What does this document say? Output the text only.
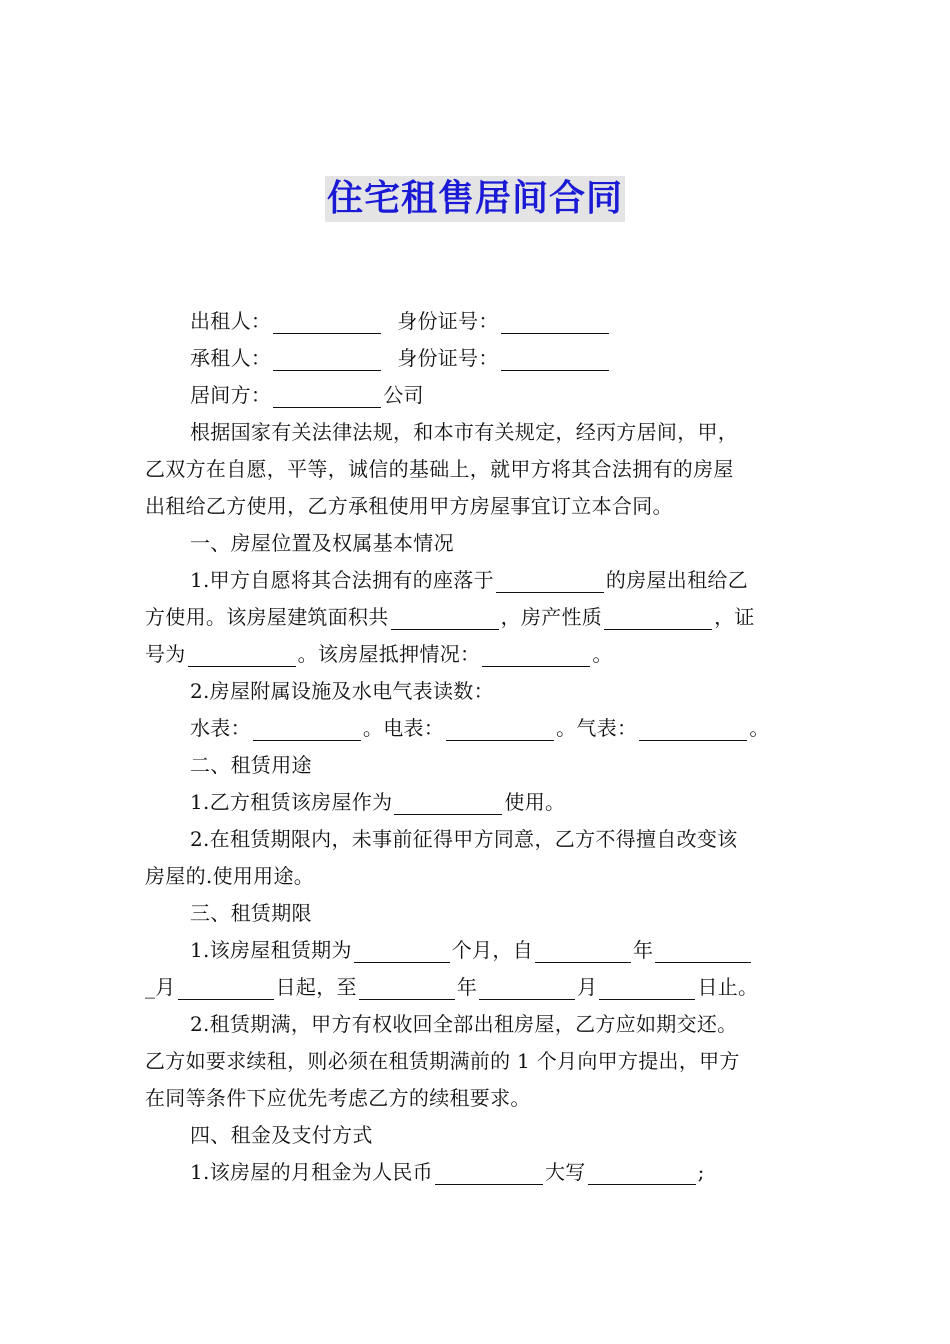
住宅租售居间合同
出租人：	身份证号：
承租人：	身份证号：
居间方：	公司
根据国家有关法律法规，和本市有关规定，经丙方居间，甲，
乙双方在自愿，平等，诚信的基础上，就甲方将其合法拥有的房屋
出租给乙方使用，乙方承租使用甲方房屋事宜订立本合同。
一、房屋位置及权属基本情况
1.甲方自愿将其合法拥有的座落于	的房屋出租给乙
方使用。该房屋建筑面积共	，房产性质	，证
号为	。该房屋抵押情况：	。
2.房屋附属设施及水电气表读数：
水表：	。电表：	。气表：	。
二、租赁用途
1.乙方租赁该房屋作为	使用。
2.在租赁期限内，未事前征得甲方同意，乙方不得擅自改变该
房屋的.使用用途。
三、租赁期限
1.该房屋租赁期为	个月，自	年
_月	日起，至	年	月	日止。
2.租赁期满，甲方有权收回全部出租房屋，乙方应如期交还。
乙方如要求续租，则必须在租赁期满前的 1 个月向甲方提出，甲方
在同等条件下应优先考虑乙方的续租要求。
四、租金及支付方式
1.该房屋的月租金为人民币	大写	;
